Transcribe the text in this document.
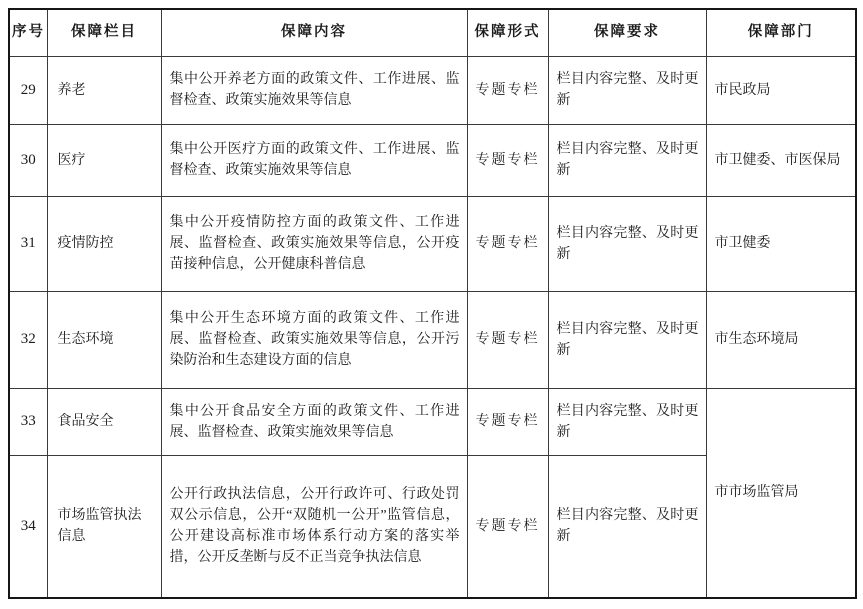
序号	保障栏目	保障内容	保障形式	保障要求	保障部门
29	养老	集中公开养老方面的政策文件、工作进展、监督检查、政策实施效果等信息	专题专栏	栏目内容完整、及时更新	市民政局
30	医疗	集中公开医疗方面的政策文件、工作进展、监督检查、政策实施效果等信息	专题专栏	栏目内容完整、及时更新	市卫健委、市医保局
31	疫情防控	集中公开疫情防控方面的政策文件、工作进展、监督检查、政策实施效果等信息，公开疫苗接种信息，公开健康科普信息	专题专栏	栏目内容完整、及时更新	市卫健委
32	生态环境	集中公开生态环境方面的政策文件、工作进展、监督检查、政策实施效果等信息，公开污染防治和生态建设方面的信息	专题专栏	栏目内容完整、及时更新	市生态环境局
33	食品安全	集中公开食品安全方面的政策文件、工作进展、监督检查、政策实施效果等信息	专题专栏	栏目内容完整、及时更新	市市场监管局
34	市场监管执法信息	公开行政执法信息，公开行政许可、行政处罚双公示信息，公开“双随机一公开”监管信息，公开建设高标准市场体系行动方案的落实举措，公开反垄断与反不正当竞争执法信息	专题专栏	栏目内容完整、及时更新	
